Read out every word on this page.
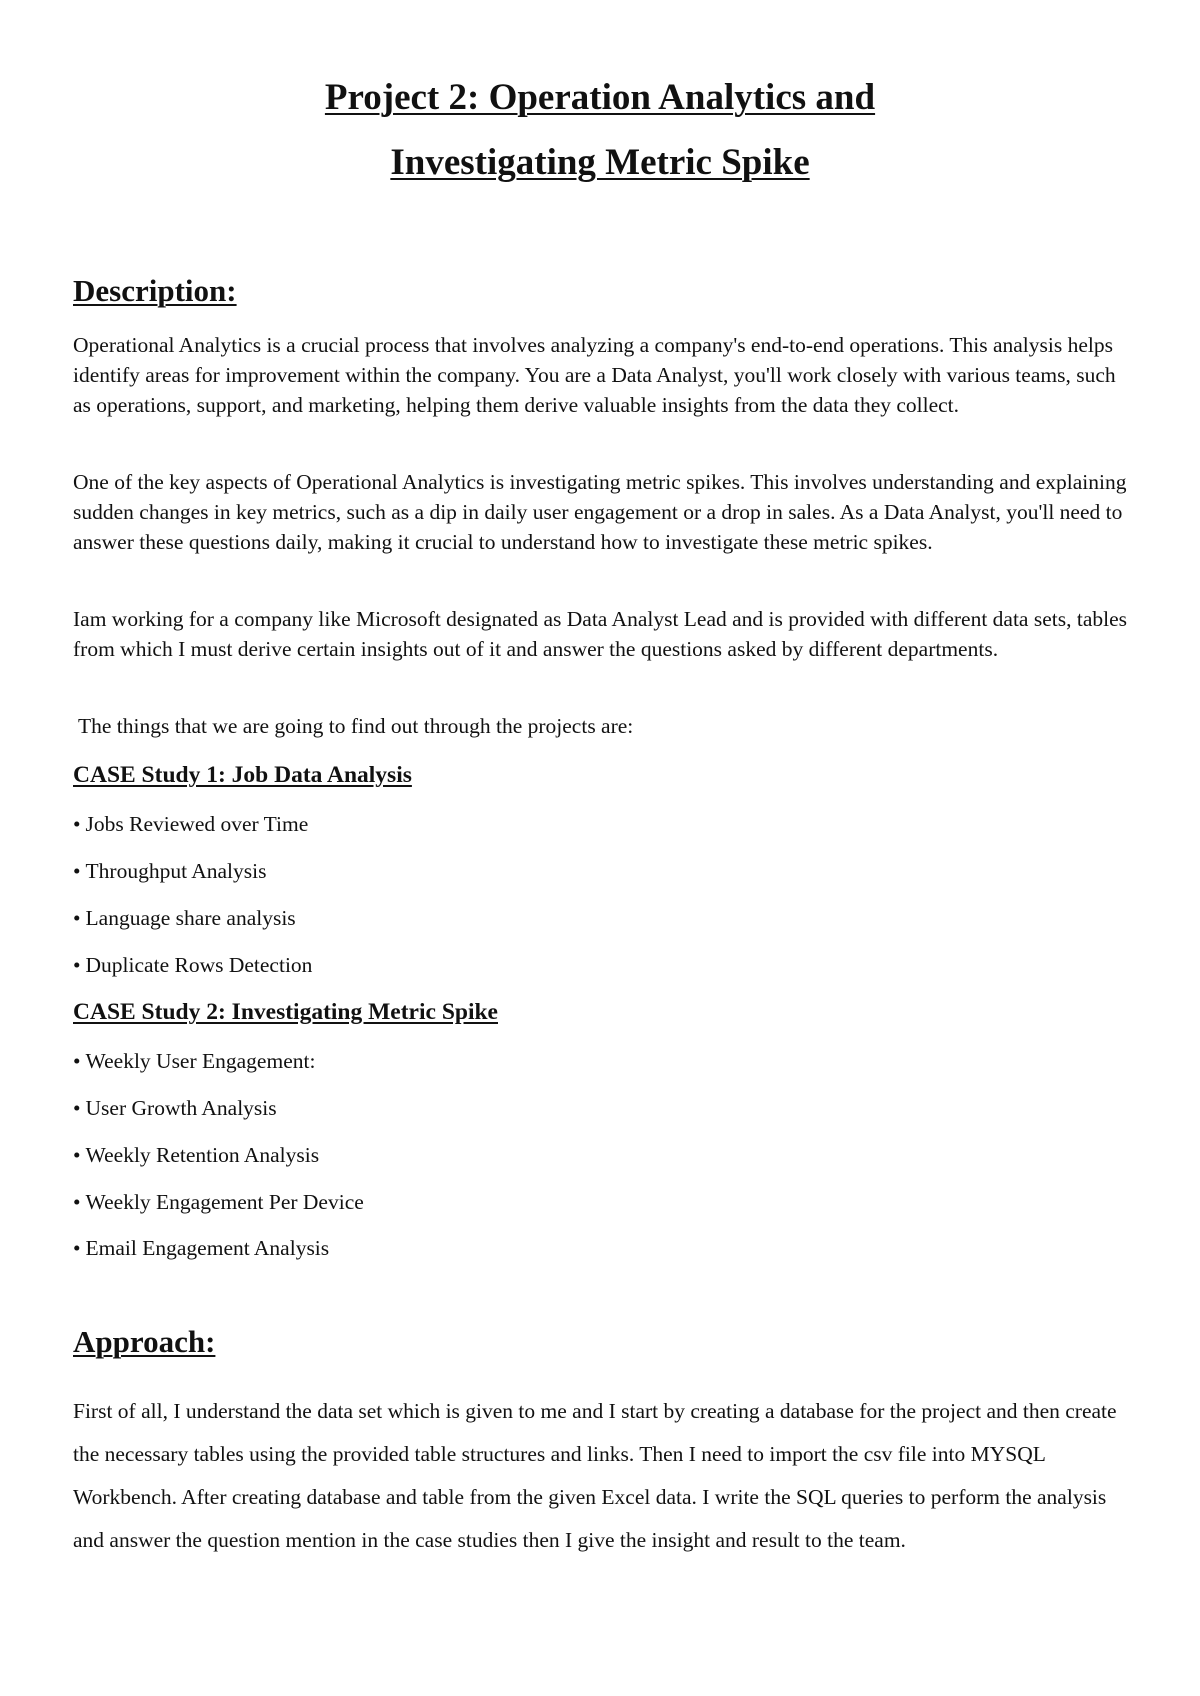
Project 2: Operation Analytics and
Investigating Metric Spike
Description:

Operational Analytics is a crucial process that involves analyzing a company's end-to-end operations. This analysis helps identify areas for improvement within the company. You are a Data Analyst, you'll work closely with various teams, such as operations, support, and marketing, helping them derive valuable insights from the data they collect.

One of the key aspects of Operational Analytics is investigating metric spikes. This involves understanding and explaining sudden changes in key metrics, such as a dip in daily user engagement or a drop in sales. As a Data Analyst, you'll need to answer these questions daily, making it crucial to understand how to investigate these metric spikes.

Iam working for a company like Microsoft designated as Data Analyst Lead and is provided with different data sets, tables from which I must derive certain insights out of it and answer the questions asked by different departments.

The things that we are going to find out through the projects are:

CASE Study 1: Job Data Analysis
• Jobs Reviewed over Time
• Throughput Analysis
• Language share analysis
• Duplicate Rows Detection
CASE Study 2: Investigating Metric Spike
• Weekly User Engagement:
• User Growth Analysis
• Weekly Retention Analysis
• Weekly Engagement Per Device
• Email Engagement Analysis
Approach:

First of all, I understand the data set which is given to me and I start by creating a database for the project and then create the necessary tables using the provided table structures and links. Then I need to import the csv file into MYSQL Workbench. After creating database and table from the given Excel data. I write the SQL queries to perform the analysis and answer the question mention in the case studies then I give the insight and result to the team.
